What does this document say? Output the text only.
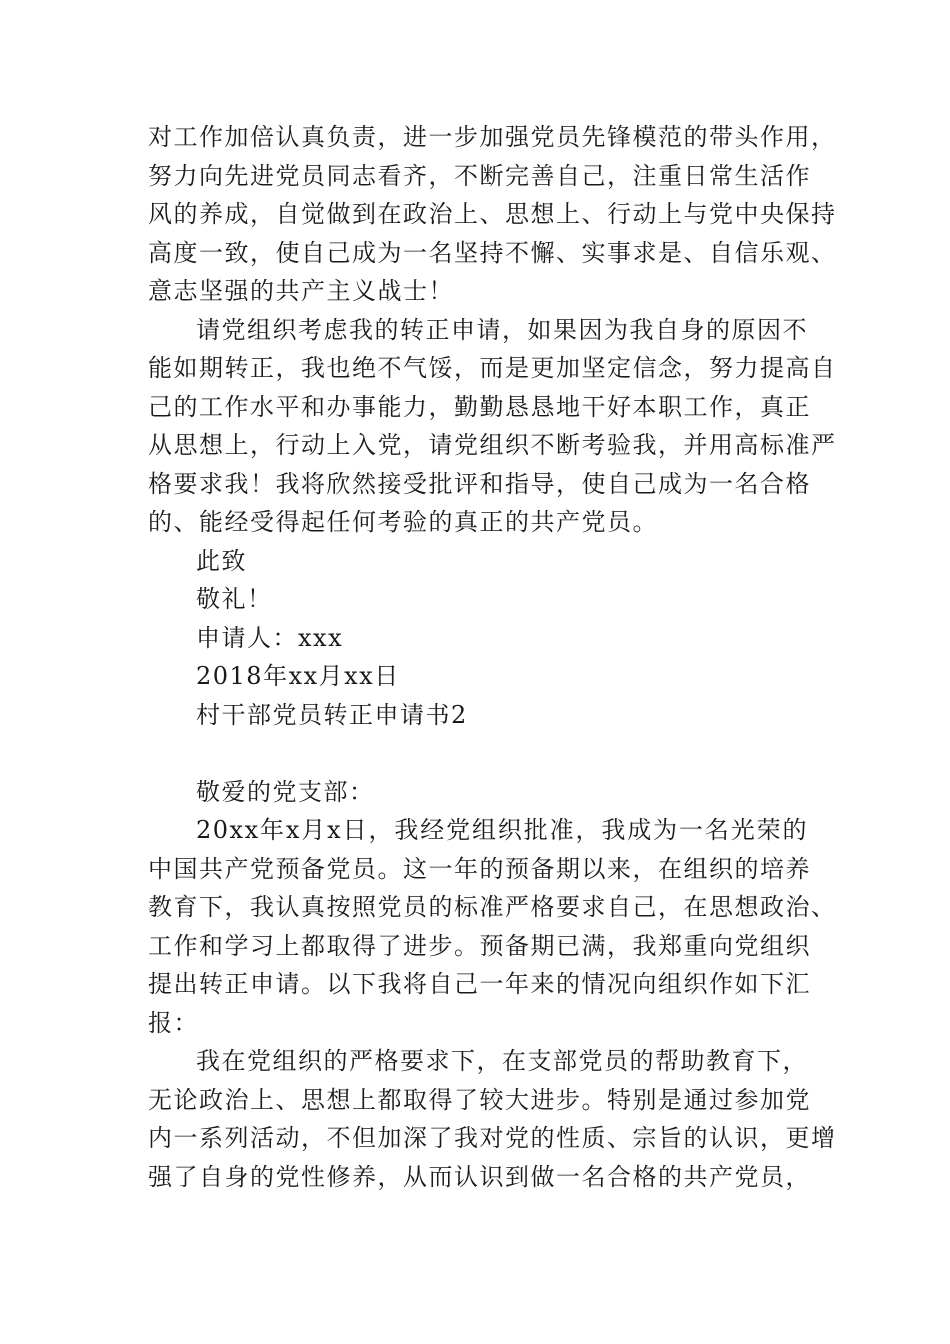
对工作加倍认真负责，进一步加强党员先锋模范的带头作用，
努力向先进党员同志看齐，不断完善自己，注重日常生活作
风的养成，自觉做到在政治上、思想上、行动上与党中央保持
高度一致，使自己成为一名坚持不懈、实事求是、自信乐观、
意志坚强的共产主义战士！
请党组织考虑我的转正申请，如果因为我自身的原因不
能如期转正，我也绝不气馁，而是更加坚定信念，努力提高自
己的工作水平和办事能力，勤勤恳恳地干好本职工作，真正
从思想上，行动上入党，请党组织不断考验我，并用高标准严
格要求我！我将欣然接受批评和指导，使自己成为一名合格
的、能经受得起任何考验的真正的共产党员。
此致
敬礼！
申请人：xxx
2018年xx月xx日
村干部党员转正申请书2
敬爱的党支部：
20xx年x月x日，我经党组织批准，我成为一名光荣的
中国共产党预备党员。这一年的预备期以来，在组织的培养
教育下，我认真按照党员的标准严格要求自己，在思想政治、
工作和学习上都取得了进步。预备期已满，我郑重向党组织
提出转正申请。以下我将自己一年来的情况向组织作如下汇
报：
我在党组织的严格要求下，在支部党员的帮助教育下，
无论政治上、思想上都取得了较大进步。特别是通过参加党
内一系列活动，不但加深了我对党的性质、宗旨的认识，更增
强了自身的党性修养，从而认识到做一名合格的共产党员，
